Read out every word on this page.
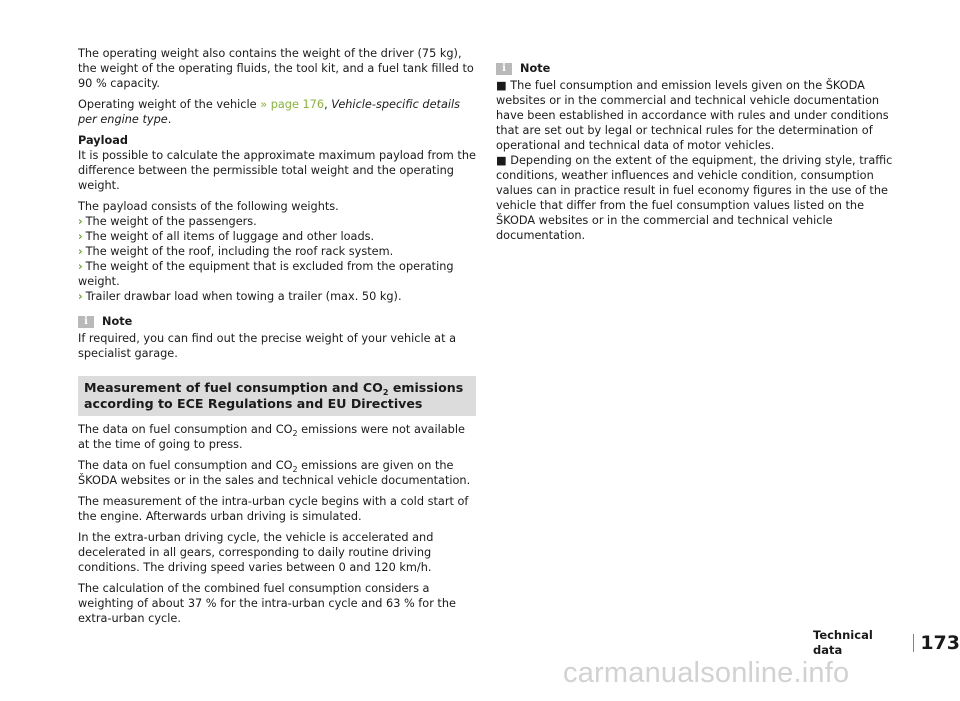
The operating weight also contains the weight of the driver (75 kg), the weight of the operating fluids, the tool kit, and a fuel tank filled to 90 % capacity.

Operating weight of the vehicle » page 176, Vehicle-specific details per engine type.

Payload

It is possible to calculate the approximate maximum payload from the difference between the permissible total weight and the operating weight.

The payload consists of the following weights.
› The weight of the passengers.
› The weight of all items of luggage and other loads.
› The weight of the roof, including the roof rack system.
› The weight of the equipment that is excluded from the operating weight.
› Trailer drawbar load when towing a trailer (max. 50 kg).
i	Note

If required, you can find out the precise weight of your vehicle at a specialist garage.

Measurement of fuel consumption and $CO_2$ emissions according to ECE Regulations and EU Directives

The data on fuel consumption and $CO_2$ emissions were not available at the time of going to press.

The data on fuel consumption and $CO_2$ emissions are given on the ŠKODA websites or in the sales and technical vehicle documentation.

The measurement of the intra-urban cycle begins with a cold start of the engine. Afterwards urban driving is simulated.

In the extra-urban driving cycle, the vehicle is accelerated and decelerated in all gears, corresponding to daily routine driving conditions. The driving speed varies between 0 and 120 km/h.

The calculation of the combined fuel consumption considers a weighting of about 37 % for the intra-urban cycle and 63 % for the extra-urban cycle.

i	Note

■ The fuel consumption and emission levels given on the ŠKODA websites or in the commercial and technical vehicle documentation have been established in accordance with rules and under conditions that are set out by legal or technical rules for the determination of operational and technical data of motor vehicles.

■ Depending on the extent of the equipment, the driving style, traffic conditions, weather influences and vehicle condition, consumption values can in practice result in fuel economy figures in the use of the vehicle that differ from the fuel consumption values listed on the ŠKODA websites or in the commercial and technical vehicle documentation.

Technical data	173
carmanualsonline.info
